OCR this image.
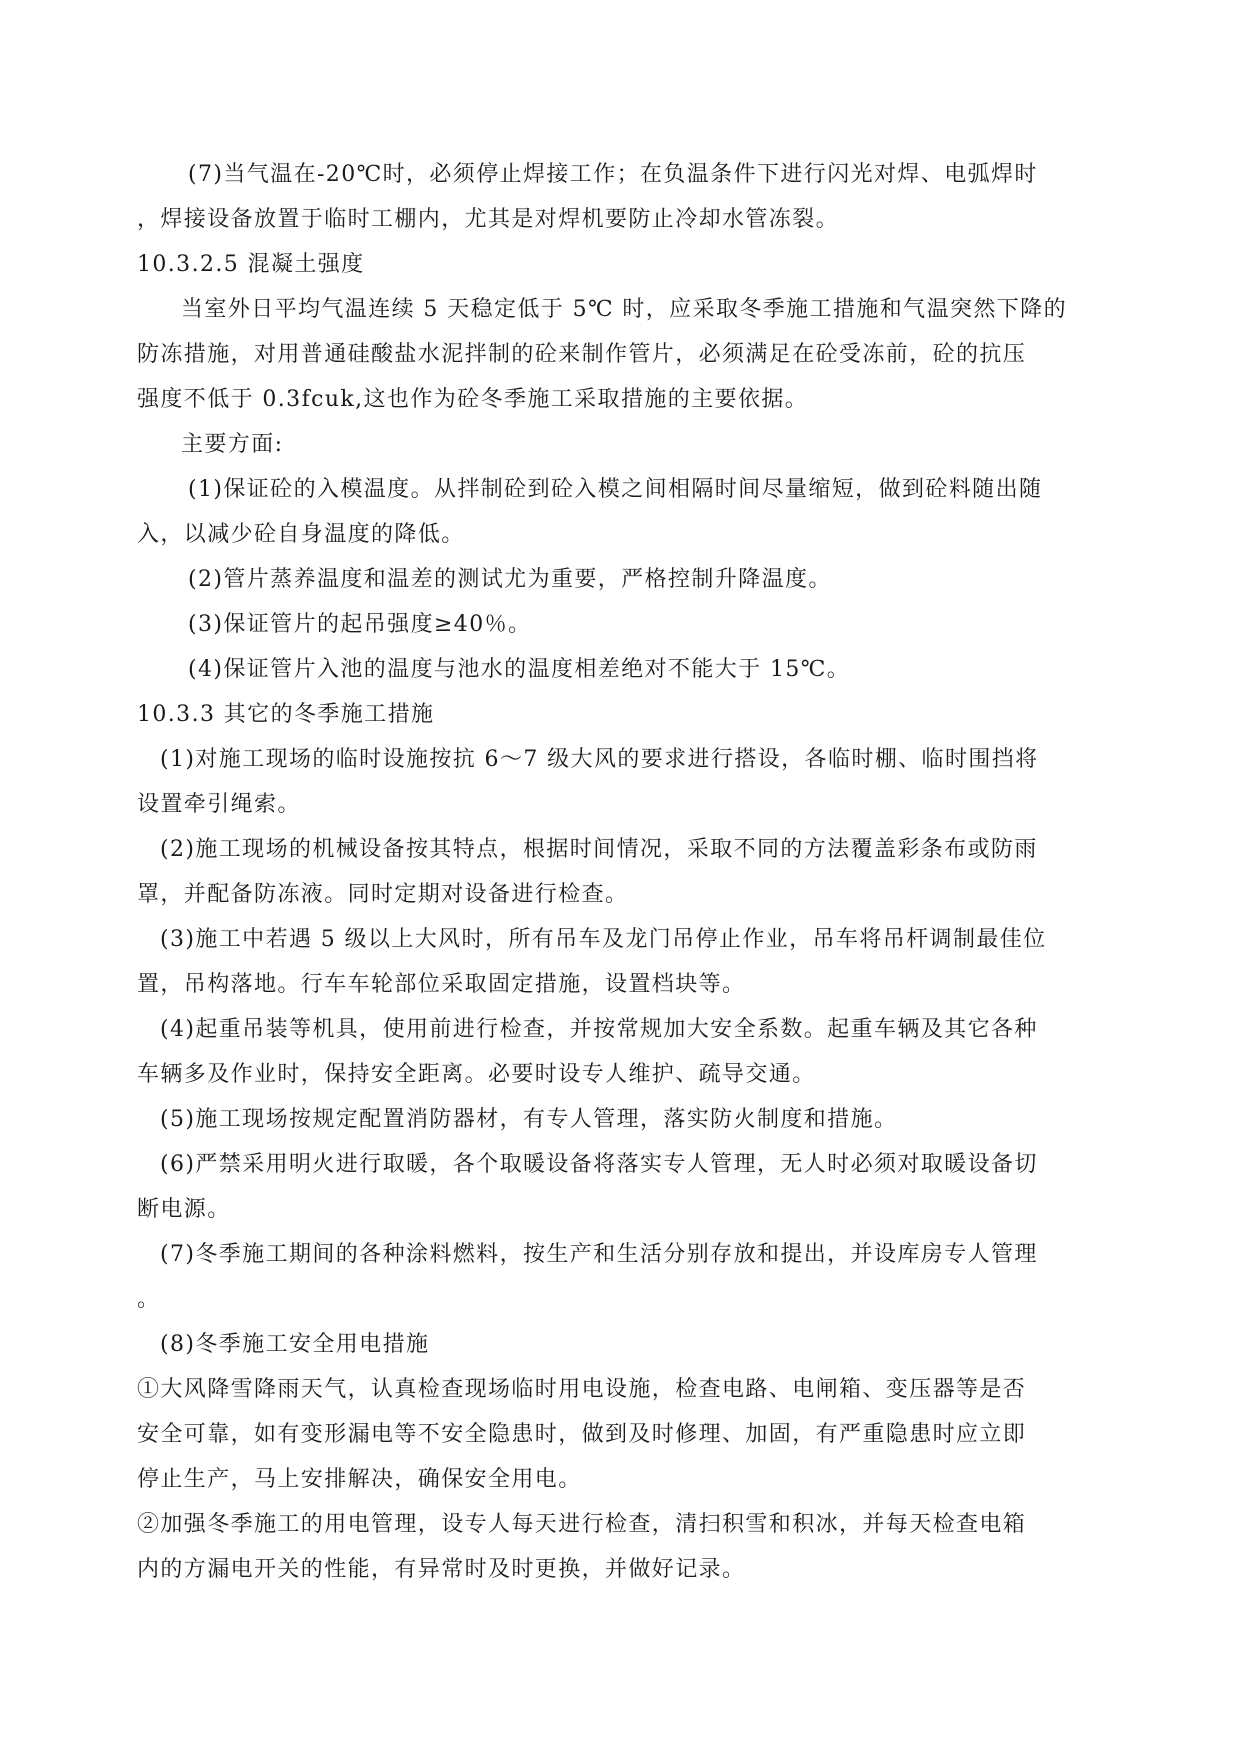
(7)当气温在-20℃时，必须停止焊接工作；在负温条件下进行闪光对焊、电弧焊时
，焊接设备放置于临时工棚内，尤其是对焊机要防止冷却水管冻裂。
10.3.2.5 混凝土强度
当室外日平均气温连续 5 天稳定低于 5℃ 时，应采取冬季施工措施和气温突然下降的
防冻措施，对用普通硅酸盐水泥拌制的砼来制作管片，必须满足在砼受冻前，砼的抗压
强度不低于 0.3fcuk,这也作为砼冬季施工采取措施的主要依据。
主要方面:
(1)保证砼的入模温度。从拌制砼到砼入模之间相隔时间尽量缩短，做到砼料随出随
入，以减少砼自身温度的降低。
(2)管片蒸养温度和温差的测试尤为重要，严格控制升降温度。
(3)保证管片的起吊强度≥40％。
(4)保证管片入池的温度与池水的温度相差绝对不能大于 15℃。
10.3.3 其它的冬季施工措施
(1)对施工现场的临时设施按抗 6～7 级大风的要求进行搭设，各临时棚、临时围挡将
设置牵引绳索。
(2)施工现场的机械设备按其特点，根据时间情况，采取不同的方法覆盖彩条布或防雨
罩，并配备防冻液。同时定期对设备进行检查。
(3)施工中若遇 5 级以上大风时，所有吊车及龙门吊停止作业，吊车将吊杆调制最佳位
置，吊构落地。行车车轮部位采取固定措施，设置档块等。
(4)起重吊装等机具，使用前进行检查，并按常规加大安全系数。起重车辆及其它各种
车辆多及作业时，保持安全距离。必要时设专人维护、疏导交通。
(5)施工现场按规定配置消防器材，有专人管理，落实防火制度和措施。
(6)严禁采用明火进行取暖，各个取暖设备将落实专人管理，无人时必须对取暖设备切
断电源。
(7)冬季施工期间的各种涂料燃料，按生产和生活分别存放和提出，并设库房专人管理
。
(8)冬季施工安全用电措施
①大风降雪降雨天气，认真检查现场临时用电设施，检查电路、电闸箱、变压器等是否
安全可靠，如有变形漏电等不安全隐患时，做到及时修理、加固，有严重隐患时应立即
停止生产，马上安排解决，确保安全用电。
②加强冬季施工的用电管理，设专人每天进行检查，清扫积雪和积冰，并每天检查电箱
内的方漏电开关的性能，有异常时及时更换，并做好记录。
